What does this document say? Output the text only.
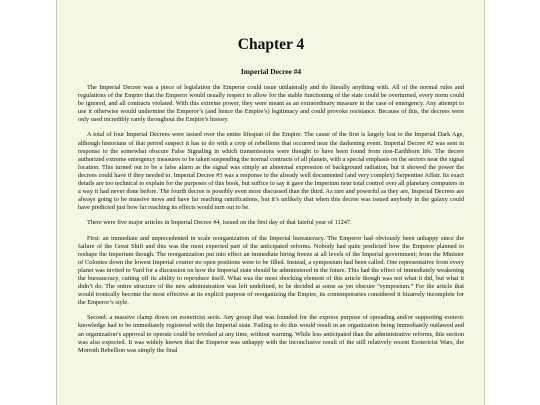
Chapter 4
Imperial Decree #4

The Imperial Decree was a piece of legislation the Emperor could issue unilaterally and do literally anything with. All of the normal rules and regulations of the Empire that the Emperor would usually respect to allow for the stable functioning of the state could be overturned, every norm could be ignored, and all contracts violated. With this extreme power, they were meant as an extraordinary measure in the case of emergency. Any attempt to use it otherwise would undermine the Emperor’s (and hence the Empire’s) legitimacy and could provoke resistance. Because of this, the decrees were only used incredibly rarely throughout the Empire’s history.

A total of four Imperial Decrees were issued over the entire lifespan of the Empire. The cause of the first is largely lost to the Imperial Dark Age, although historians of that period suspect it has to do with a crop of rebellions that occurred near the darkening event. Imperial Decree #2 was sent in response to the somewhat obscure False Signaling in which transmissions were thought to have been found from non-Earthborn life. The decree authorized extreme emergency measures to be taken suspending the normal contracts of all planets, with a special emphasis on the sectors near the signal location. This turned out to be a false alarm as the signal was simply an abnormal expression of background radiation, but it showed the power the decrees could have if they needed to. Imperial Decree #3 was a response to the already well documented (and very complex) Serpentine Affair. Its exact details are too technical to explain for the purposes of this book, but suffice to say it gave the Imperium near total control over all planetary computers in a way it had never done before. The fourth decree is possibly even more discussed than the third. As rare and powerful as they are, Imperial Decrees are always going to be massive news and have far reaching ramifications, but it’s unlikely that when this decree was issued anybody in the galaxy could have predicted just how far reaching its effects would turn out to be.

There were five major articles in Imperial Decree #4, issued on the first day of that fateful year of 11247.

First: an immediate and unprecedented in scale reorganization of the Imperial bureaucracy. The Emperor had obviously been unhappy since the failure of the Great Shift and this was the most expected part of the anticipated reforms. Nobody had quite predicted how the Emperor planned to reshape the Imperium though. The reorganization put into effect an immediate hiring freeze at all levels of the Imperial government; from the Minister of Colonies down the lowest Imperial courier no open positions were to be filled. Instead, a symposium had been called. One representative from every planet was invited to Vard for a discussion on how the Imperial state should be administered in the future. This had the effect of immediately weakening the bureaucracy, cutting off its ability to reproduce itself. What was the most shocking element of this article though was not what it did, but what it didn’t do. The entire structure of the new administration was left undefined, to be decided at some as yet obscure “symposium.” For the article that would ironically become the most effective at its explicit purpose of reorganizing the Empire, its contemporaries considered it bizarrely incomplete for the Emperor’s style.

Second: a massive clamp down on esotericist sects. Any group that was founded for the express purpose of spreading and/or supporting esoteric knowledge had to be immediately registered with the Imperial state. Failing to do this would result in an organization being immediately outlawed and an organization’s approval to operate could be revoked at any time, without warning. While less anticipated than the administrative reforms, this section was also expected. It was widely known that the Emperor was unhappy with the inconclusive result of the still relatively recent Esotericist Wars, the Morroth Rebellion was simply the final
